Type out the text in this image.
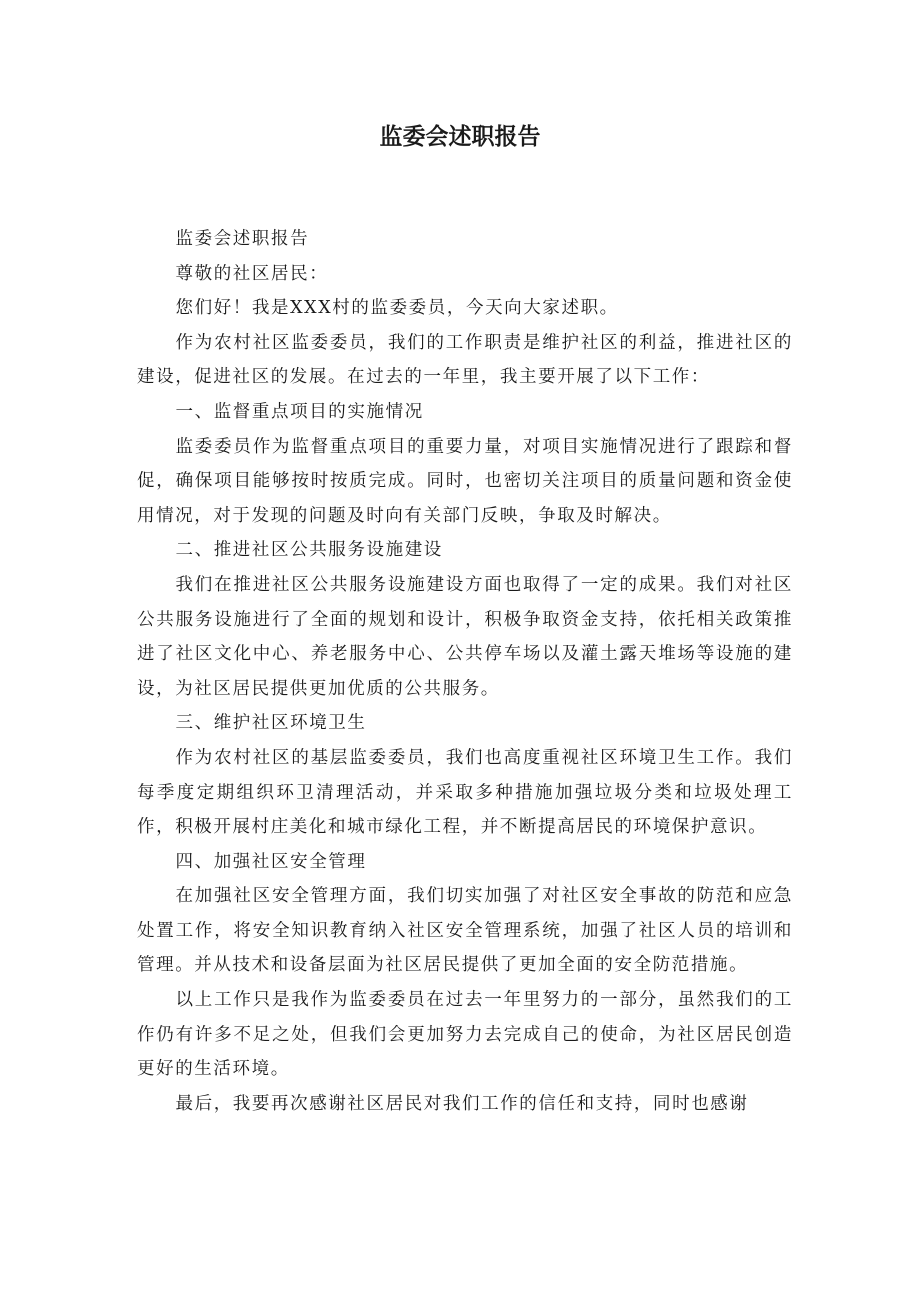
监委会述职报告

监委会述职报告

尊敬的社区居民：

您们好！我是XXX村的监委委员，今天向大家述职。

作为农村社区监委委员，我们的工作职责是维护社区的利益，推进社区的建设，促进社区的发展。在过去的一年里，我主要开展了以下工作：

一、监督重点项目的实施情况

监委委员作为监督重点项目的重要力量，对项目实施情况进行了跟踪和督促，确保项目能够按时按质完成。同时，也密切关注项目的质量问题和资金使用情况，对于发现的问题及时向有关部门反映，争取及时解决。

二、推进社区公共服务设施建设

我们在推进社区公共服务设施建设方面也取得了一定的成果。我们对社区公共服务设施进行了全面的规划和设计，积极争取资金支持，依托相关政策推进了社区文化中心、养老服务中心、公共停车场以及灌土露天堆场等设施的建设，为社区居民提供更加优质的公共服务。

三、维护社区环境卫生

作为农村社区的基层监委委员，我们也高度重视社区环境卫生工作。我们每季度定期组织环卫清理活动，并采取多种措施加强垃圾分类和垃圾处理工作，积极开展村庄美化和城市绿化工程，并不断提高居民的环境保护意识。

四、加强社区安全管理

在加强社区安全管理方面，我们切实加强了对社区安全事故的防范和应急处置工作，将安全知识教育纳入社区安全管理系统，加强了社区人员的培训和管理。并从技术和设备层面为社区居民提供了更加全面的安全防范措施。

以上工作只是我作为监委委员在过去一年里努力的一部分，虽然我们的工作仍有许多不足之处，但我们会更加努力去完成自己的使命，为社区居民创造更好的生活环境。

最后，我要再次感谢社区居民对我们工作的信任和支持，同时也感谢
